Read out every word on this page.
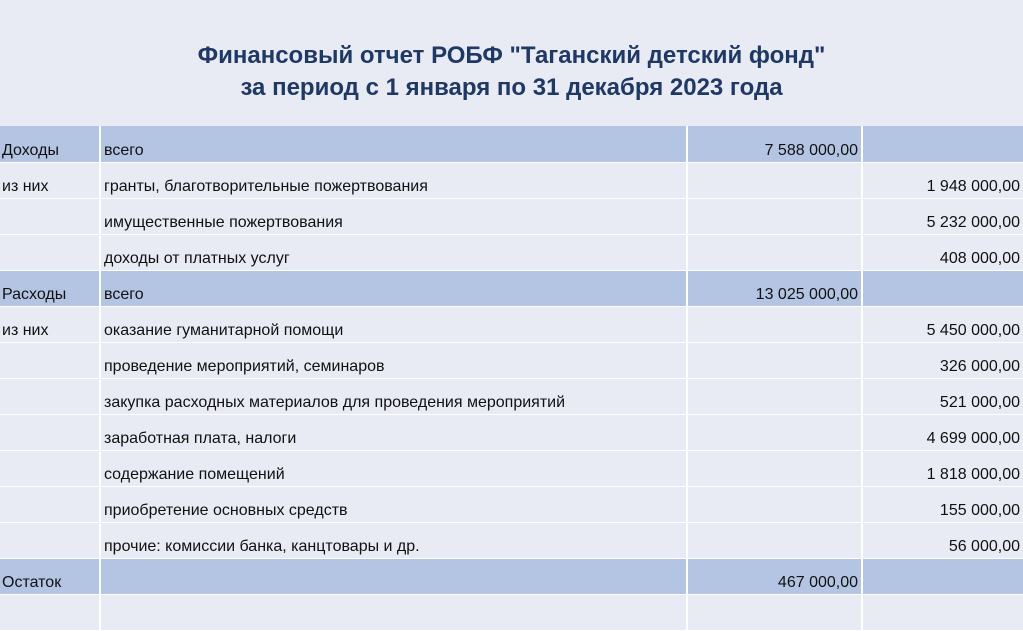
Финансовый отчет РОБФ "Таганский детский фонд"
за период с 1 января по 31 декабря 2023 года
Доходы	всего	7 588 000,00	
из них	гранты, благотворительные пожертвования		1 948 000,00
	имущественные пожертвования		5 232 000,00
	доходы от платных услуг		408 000,00
Расходы	всего	13 025 000,00	
из них	оказание гуманитарной помощи		5 450 000,00
	проведение мероприятий, семинаров		326 000,00
	закупка расходных материалов для проведения мероприятий		521 000,00
	заработная плата, налоги		4 699 000,00
	содержание помещений		1 818 000,00
	приобретение основных средств		155 000,00
	прочие: комиссии банка, канцтовары и др.		56 000,00
Остаток		467 000,00	
